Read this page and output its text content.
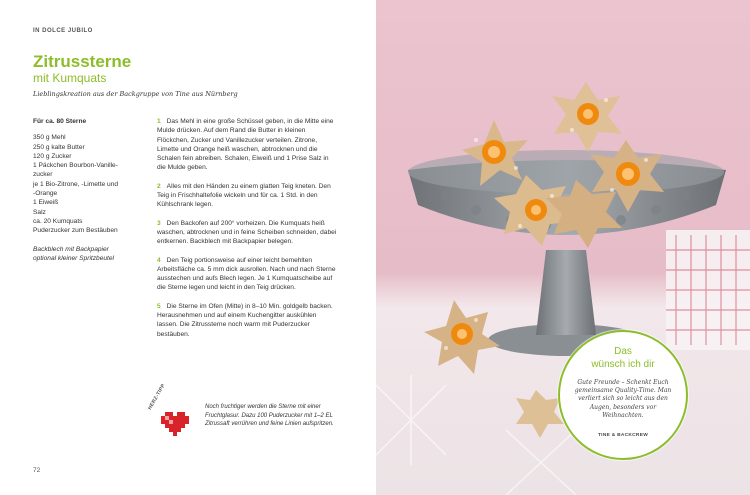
IN DOLCE JUBILO
Zitrussterne
mit Kumquats
Lieblingskreation aus der Backgruppe von Tine aus Nürnberg
Für ca. 80 Sterne
350 g Mehl
250 g kalte Butter
120 g Zucker
1 Päckchen Bourbon-Vanille-
zucker
je 1 Bio-Zitrone, -Limette und
-Orange
1 Eiweiß
Salz
ca. 20 Kumquats
Puderzucker zum Bestäuben
Backblech mit Backpapier
optional kleiner Spritzbeutel
1 Das Mehl in eine große Schüssel geben, in die Mitte eine Mulde drücken. Auf dem Rand die Butter in kleinen Flöckchen, Zucker und Vanillezucker verteilen. Zitrone, Limette und Orange heiß waschen, abtrocknen und die Schalen fein abreiben. Schalen, Eiweiß und 1 Prise Salz in die Mulde geben.
2 Alles mit den Händen zu einem glatten Teig kneten. Den Teig in Frischhaltefolie wickeln und für ca. 1 Std. in den Kühlschrank legen.
3 Den Backofen auf 200° vorheizen. Die Kumquats heiß waschen, abtrocknen und in feine Scheiben schneiden, dabei entkernen. Backblech mit Backpapier belegen.
4 Den Teig portionsweise auf einer leicht bemehlten Arbeitsfläche ca. 5 mm dick ausrollen. Nach und nach Sterne ausstechen und aufs Blech legen. Je 1 Kumquatscheibe auf die Sterne legen und leicht in den Teig drücken.
5 Die Sterne im Ofen (Mitte) in 8–10 Min. goldgelb backen. Herausnehmen und auf einem Kuchengitter auskühlen lassen. Die Zitrussterne noch warm mit Puderzucker bestäuben.
HERZ-TIPP	Noch fruchtiger werden die Sterne mit einer Fruchtglasur. Dazu 100 Puderzucker mit 1–2 EL Zitrussaft verrühren und feine Linien aufspritzen.
72
Das
wünsch ich dir
Gute Freunde – Schenkt Euch gemeinsame Quality-Time. Man verliert sich so leicht aus den Augen, besonders vor Weihnachten.
TINE & BACKCREW
